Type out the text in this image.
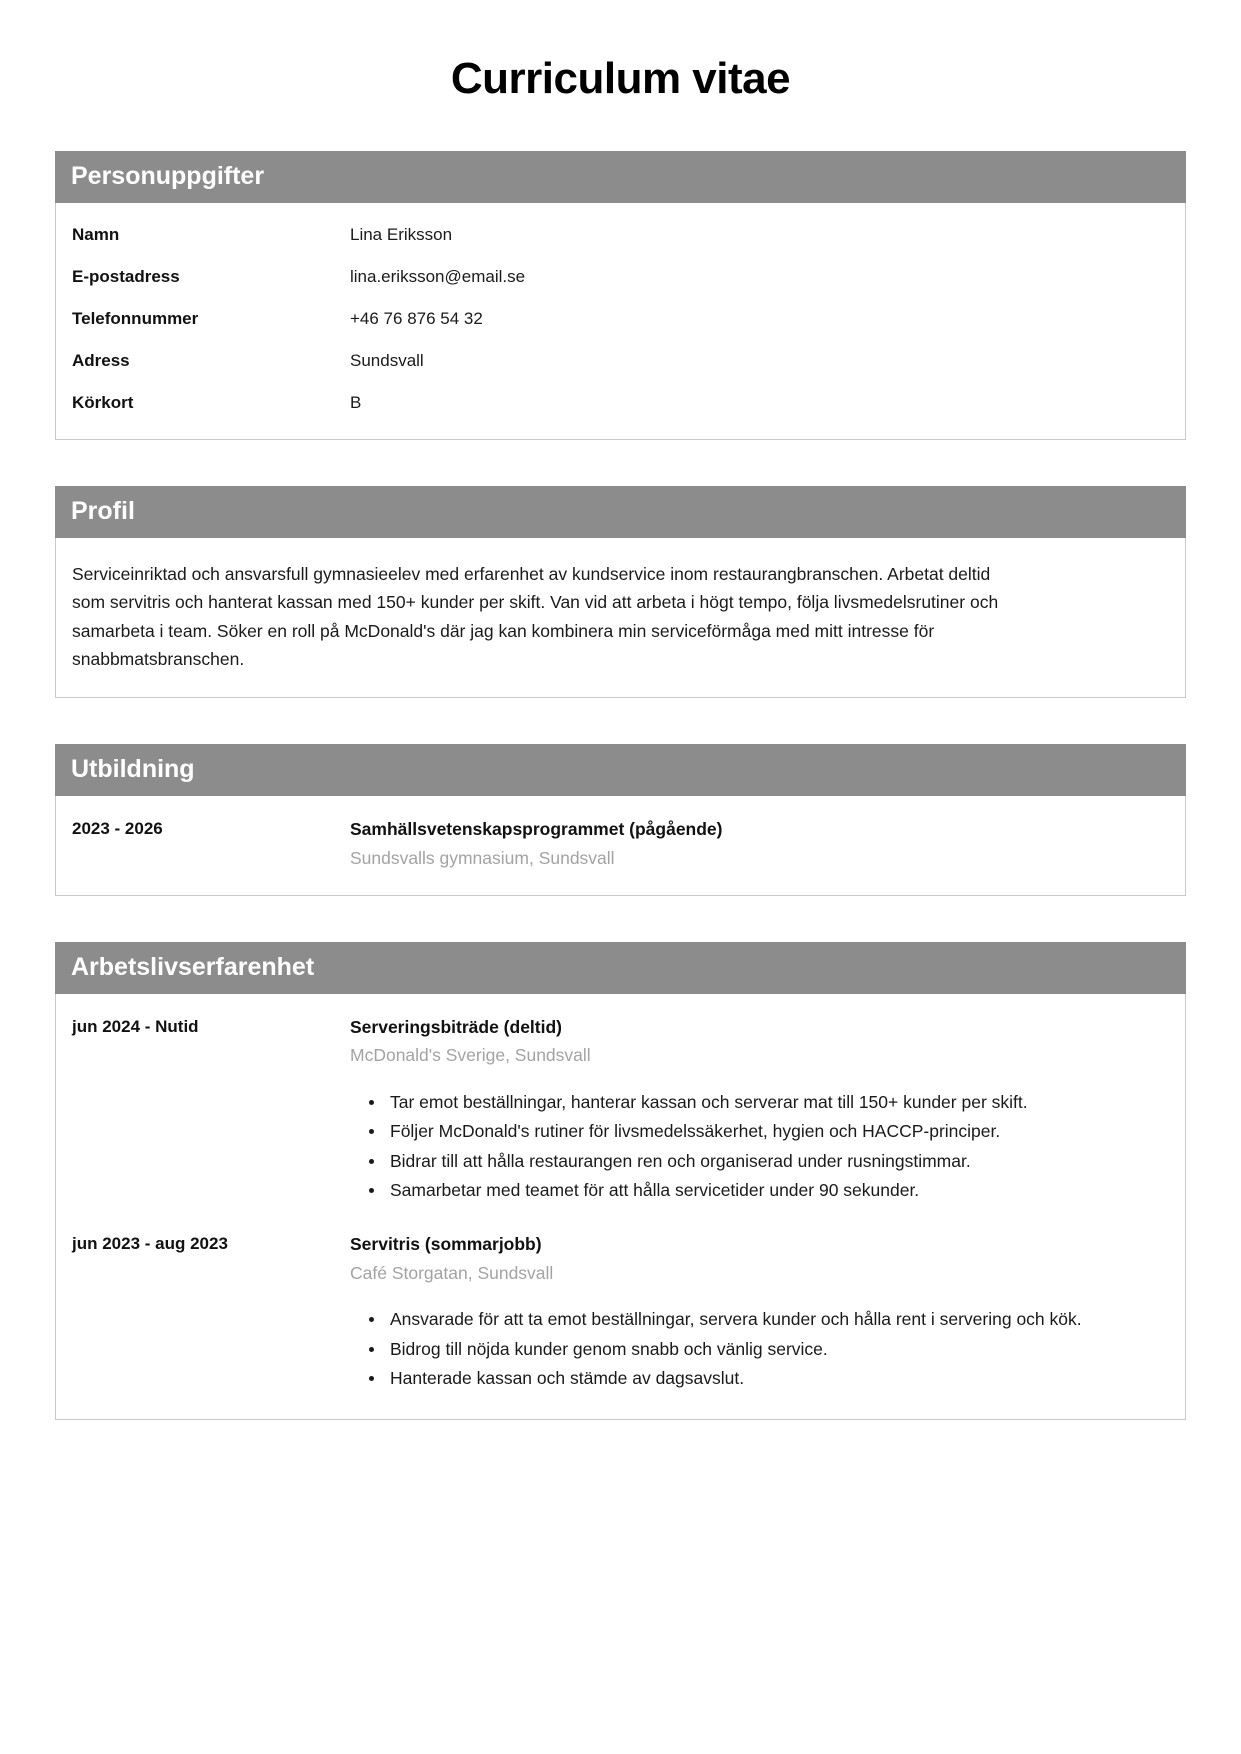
Curriculum vitae
Personuppgifter
Namn	Lina Eriksson
E-postadress	lina.eriksson@email.se
Telefonnummer	+46 76 876 54 32
Adress	Sundsvall
Körkort	B
Profil

Serviceinriktad och ansvarsfull gymnasieelev med erfarenhet av kundservice inom restaurangbranschen. Arbetat deltid som servitris och hanterat kassan med 150+ kunder per skift. Van vid att arbeta i högt tempo, följa livsmedelsrutiner och samarbeta i team. Söker en roll på McDonald's där jag kan kombinera min serviceförmåga med mitt intresse för snabbmatsbranschen.

Utbildning
2023 - 2026	Samhällsvetenskapsprogrammet (pågående)
Sundsvalls gymnasium, Sundsvall
Arbetslivserfarenhet
jun 2024 - Nutid	Serveringsbiträde (deltid)
McDonald's Sverige, Sundsvall
• Tar emot beställningar, hanterar kassan och serverar mat till 150+ kunder per skift.
• Följer McDonald's rutiner för livsmedelssäkerhet, hygien och HACCP-principer.
• Bidrar till att hålla restaurangen ren och organiserad under rusningstimmar.
• Samarbetar med teamet för att hålla servicetider under 90 sekunder.
jun 2023 - aug 2023	Servitris (sommarjobb)
Café Storgatan, Sundsvall
• Ansvarade för att ta emot beställningar, servera kunder och hålla rent i servering och kök.
• Bidrog till nöjda kunder genom snabb och vänlig service.
• Hanterade kassan och stämde av dagsavslut.
